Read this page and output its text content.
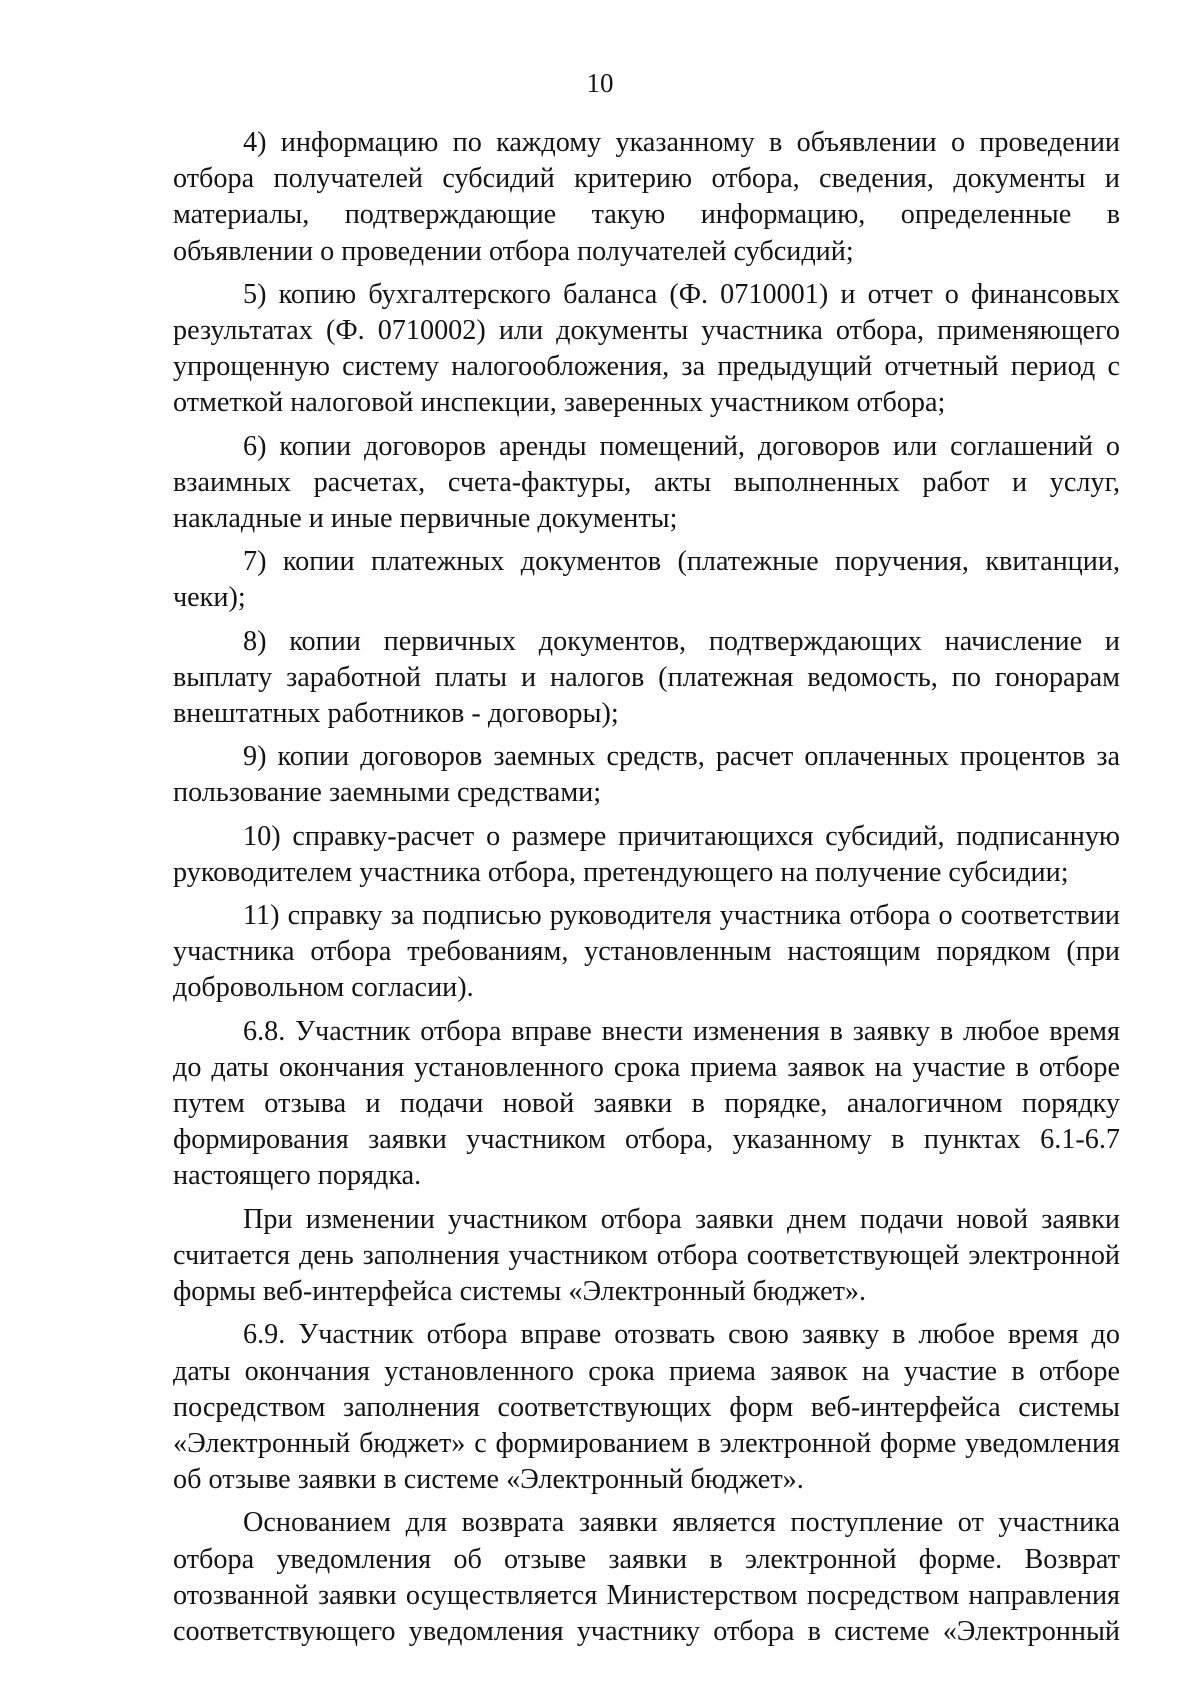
10

4) информацию по каждому указанному в объявлении о проведении отбора получателей субсидий критерию отбора, сведения, документы и материалы, подтверждающие такую информацию, определенные в объявлении о проведении отбора получателей субсидий;

5) копию бухгалтерского баланса (Ф. 0710001) и отчет о финансовых результатах (Ф. 0710002) или документы участника отбора, применяющего упрощенную систему налогообложения, за предыдущий отчетный период с отметкой налоговой инспекции, заверенных участником отбора;

6) копии договоров аренды помещений, договоров или соглашений о взаимных расчетах, счета-фактуры, акты выполненных работ и услуг, накладные и иные первичные документы;

7) копии платежных документов (платежные поручения, квитанции, чеки);

8) копии первичных документов, подтверждающих начисление и выплату заработной платы и налогов (платежная ведомость, по гонорарам внештатных работников - договоры);

9) копии договоров заемных средств, расчет оплаченных процентов за пользование заемными средствами;

10) справку-расчет о размере причитающихся субсидий, подписанную руководителем участника отбора, претендующего на получение субсидии;

11) справку за подписью руководителя участника отбора о соответствии участника отбора требованиям, установленным настоящим порядком (при добровольном согласии).

6.8. Участник отбора вправе внести изменения в заявку в любое время до даты окончания установленного срока приема заявок на участие в отборе путем отзыва и подачи новой заявки в порядке, аналогичном порядку формирования заявки участником отбора, указанному в пунктах 6.1-6.7 настоящего порядка.

При изменении участником отбора заявки днем подачи новой заявки считается день заполнения участником отбора соответствующей электронной формы веб-интерфейса системы «Электронный бюджет».

6.9. Участник отбора вправе отозвать свою заявку в любое время до даты окончания установленного срока приема заявок на участие в отборе посредством заполнения соответствующих форм веб-интерфейса системы «Электронный бюджет» с формированием в электронной форме уведомления об отзыве заявки в системе «Электронный бюджет».

Основанием для возврата заявки является поступление от участника отбора уведомления об отзыве заявки в электронной форме. Возврат отозванной заявки осуществляется Министерством посредством направления соответствующего уведомления участнику отбора в системе «Электронный
